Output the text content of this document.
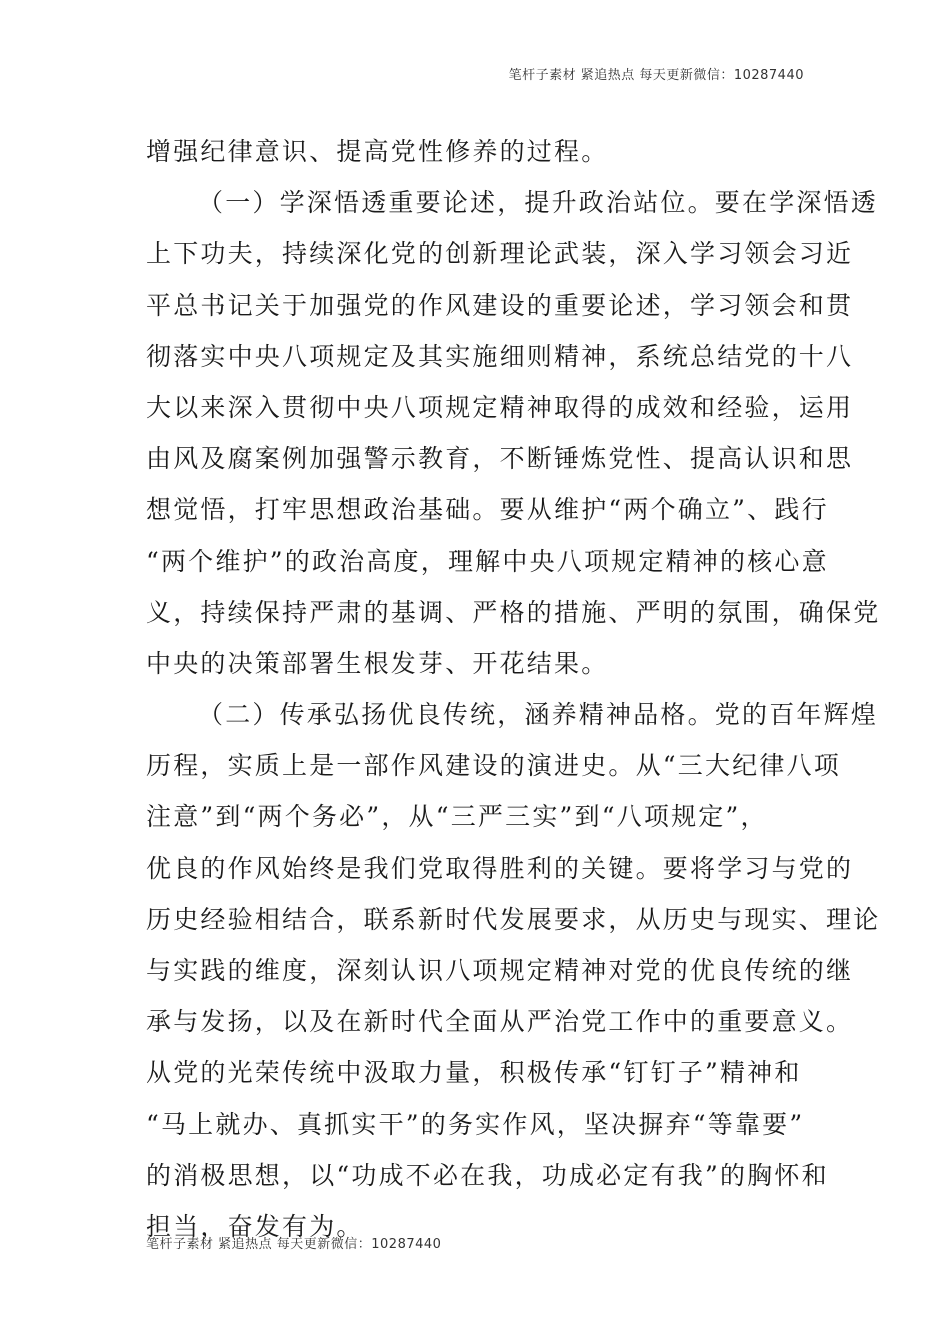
笔杆子素材 紧追热点 每天更新微信：10287440
增强纪律意识、提高党性修养的过程。
（一）学深悟透重要论述，提升政治站位。要在学深悟透
上下功夫，持续深化党的创新理论武装，深入学习领会习近
平总书记关于加强党的作风建设的重要论述，学习领会和贯
彻落实中央八项规定及其实施细则精神，系统总结党的十八
大以来深入贯彻中央八项规定精神取得的成效和经验，运用
由风及腐案例加强警示教育，不断锤炼党性、提高认识和思
想觉悟，打牢思想政治基础。要从维护“两个确立”、践行
“两个维护”的政治高度，理解中央八项规定精神的核心意
义，持续保持严肃的基调、严格的措施、严明的氛围，确保党
中央的决策部署生根发芽、开花结果。
（二）传承弘扬优良传统，涵养精神品格。党的百年辉煌
历程，实质上是一部作风建设的演进史。从“三大纪律八项
注意”到“两个务必”，从“三严三实”到“八项规定”，
优良的作风始终是我们党取得胜利的关键。要将学习与党的
历史经验相结合，联系新时代发展要求，从历史与现实、理论
与实践的维度，深刻认识八项规定精神对党的优良传统的继
承与发扬，以及在新时代全面从严治党工作中的重要意义。
从党的光荣传统中汲取力量，积极传承“钉钉子”精神和
“马上就办、真抓实干”的务实作风，坚决摒弃“等靠要”
的消极思想，以“功成不必在我，功成必定有我”的胸怀和
担当，奋发有为。
笔杆子素材 紧追热点 每天更新微信：10287440
